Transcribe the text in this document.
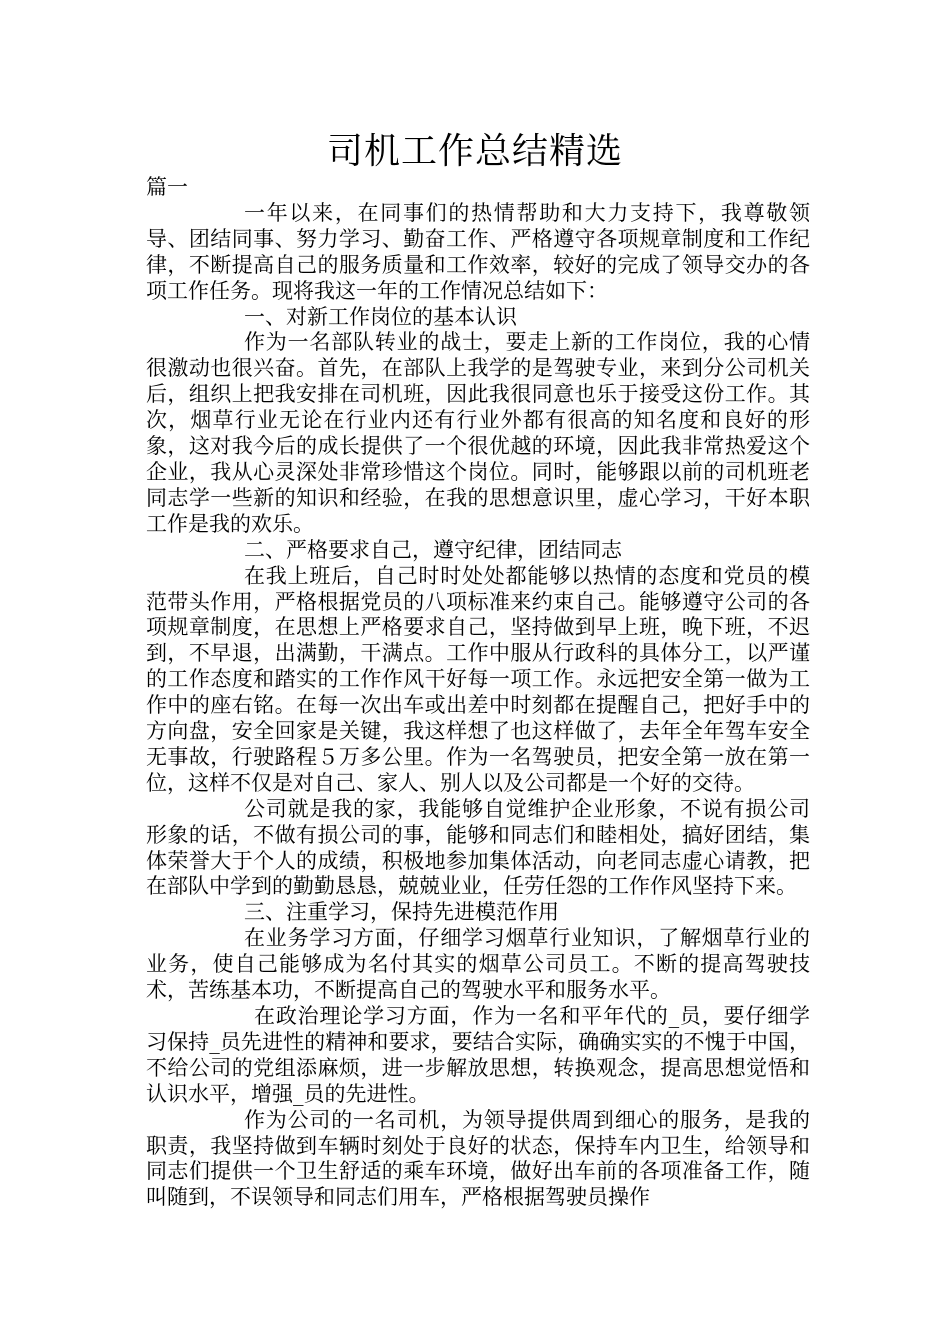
司机工作总结精选

篇一

一年以来，在同事们的热情帮助和大力支持下，我尊敬领导、团结同事、努力学习、勤奋工作、严格遵守各项规章制度和工作纪律，不断提高自己的服务质量和工作效率，较好的完成了领导交办的各项工作任务。现将我这一年的工作情况总结如下：

一、对新工作岗位的基本认识

作为一名部队转业的战士，要走上新的工作岗位，我的心情很激动也很兴奋。首先，在部队上我学的是驾驶专业，来到分公司机关后，组织上把我安排在司机班，因此我很同意也乐于接受这份工作。其次，烟草行业无论在行业内还有行业外都有很高的知名度和良好的形象，这对我今后的成长提供了一个很优越的环境，因此我非常热爱这个企业，我从心灵深处非常珍惜这个岗位。同时，能够跟以前的司机班老同志学一些新的知识和经验，在我的思想意识里，虚心学习，干好本职工作是我的欢乐。

二、严格要求自己，遵守纪律，团结同志

在我上班后，自己时时处处都能够以热情的态度和党员的模范带头作用，严格根据党员的八项标准来约束自己。能够遵守公司的各项规章制度，在思想上严格要求自己，坚持做到早上班，晚下班，不迟到，不早退，出满勤，干满点。工作中服从行政科的具体分工，以严谨的工作态度和踏实的工作作风干好每一项工作。永远把安全第一做为工作中的座右铭。在每一次出车或出差中时刻都在提醒自己，把好手中的方向盘，安全回家是关键，我这样想了也这样做了，去年全年驾车安全无事故，行驶路程５万多公里。作为一名驾驶员，把安全第一放在第一位，这样不仅是对自己、家人、别人以及公司都是一个好的交待。

公司就是我的家，我能够自觉维护企业形象，不说有损公司形象的话，不做有损公司的事，能够和同志们和睦相处，搞好团结，集体荣誉大于个人的成绩，积极地参加集体活动，向老同志虚心请教，把在部队中学到的勤勤恳恳，兢兢业业，任劳任怨的工作作风坚持下来。

三、注重学习，保持先进模范作用

在业务学习方面，仔细学习烟草行业知识，了解烟草行业的业务，使自己能够成为名付其实的烟草公司员工。不断的提高驾驶技术，苦练基本功，不断提高自己的驾驶水平和服务水平。

在政治理论学习方面，作为一名和平年代的_员，要仔细学习保持_员先进性的精神和要求，要结合实际，确确实实的不愧于中国，不给公司的党组添麻烦，进一步解放思想，转换观念，提高思想觉悟和认识水平，增强_员的先进性。

作为公司的一名司机，为领导提供周到细心的服务，是我的职责，我坚持做到车辆时刻处于良好的状态，保持车内卫生，给领导和同志们提供一个卫生舒适的乘车环境，做好出车前的各项准备工作，随叫随到，不误领导和同志们用车，严格根据驾驶员操作
